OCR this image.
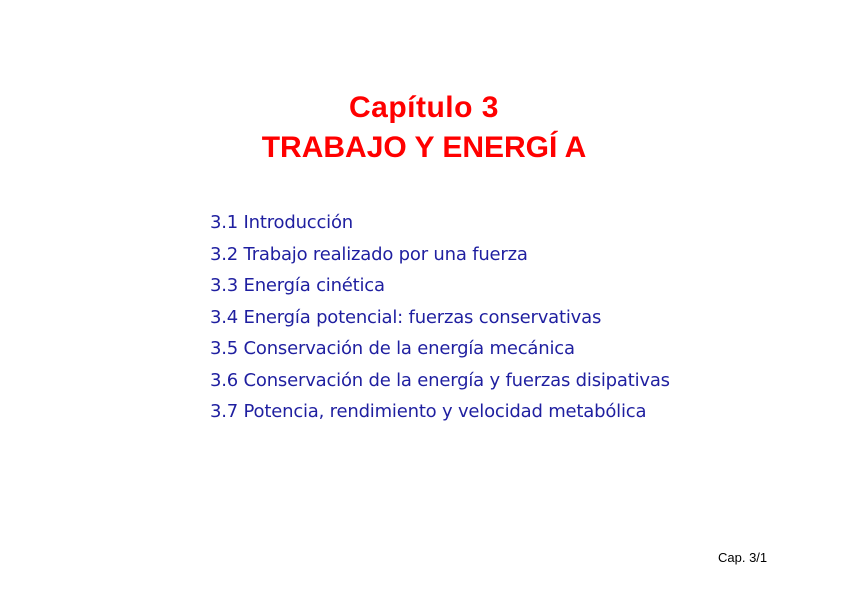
Capítulo 3
TRABAJO Y ENERGÍ A
3.1 Introducción
3.2 Trabajo realizado por una fuerza
3.3 Energía cinética
3.4 Energía potencial: fuerzas conservativas
3.5 Conservación de la energía mecánica
3.6 Conservación de la energía y fuerzas disipativas
3.7 Potencia, rendimiento y velocidad metabólica
Cap. 3/1
